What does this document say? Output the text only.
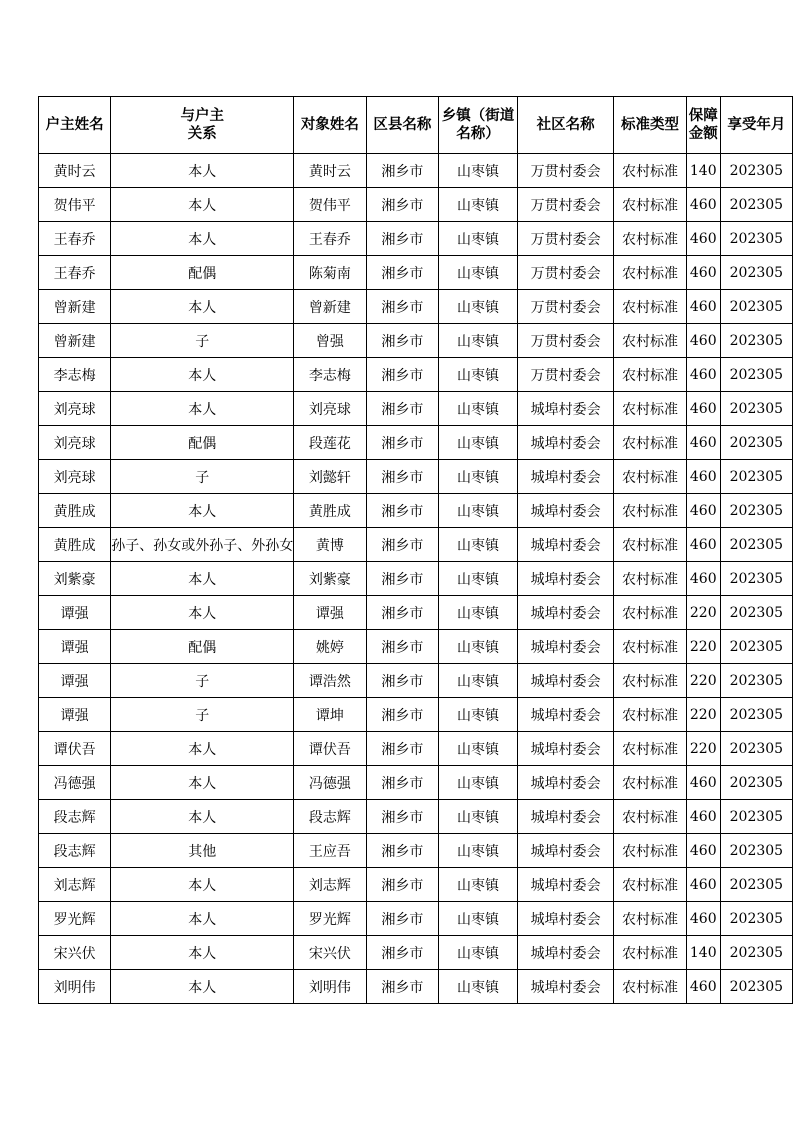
户主姓名	与户主关系	对象姓名	区县名称	乡镇（街道名称）	社区名称	标准类型	保障金额	享受年月
黄时云	本人	黄时云	湘乡市	山枣镇	万贯村委会	农村标准	140	202305
贺伟平	本人	贺伟平	湘乡市	山枣镇	万贯村委会	农村标准	460	202305
王春乔	本人	王春乔	湘乡市	山枣镇	万贯村委会	农村标准	460	202305
王春乔	配偶	陈菊南	湘乡市	山枣镇	万贯村委会	农村标准	460	202305
曾新建	本人	曾新建	湘乡市	山枣镇	万贯村委会	农村标准	460	202305
曾新建	子	曾强	湘乡市	山枣镇	万贯村委会	农村标准	460	202305
李志梅	本人	李志梅	湘乡市	山枣镇	万贯村委会	农村标准	460	202305
刘亮球	本人	刘亮球	湘乡市	山枣镇	城埠村委会	农村标准	460	202305
刘亮球	配偶	段莲花	湘乡市	山枣镇	城埠村委会	农村标准	460	202305
刘亮球	子	刘懿轩	湘乡市	山枣镇	城埠村委会	农村标准	460	202305
黄胜成	本人	黄胜成	湘乡市	山枣镇	城埠村委会	农村标准	460	202305
黄胜成	孙子、孙女或外孙子、外孙女	黄博	湘乡市	山枣镇	城埠村委会	农村标准	460	202305
刘紫豪	本人	刘紫豪	湘乡市	山枣镇	城埠村委会	农村标准	460	202305
谭强	本人	谭强	湘乡市	山枣镇	城埠村委会	农村标准	220	202305
谭强	配偶	姚婷	湘乡市	山枣镇	城埠村委会	农村标准	220	202305
谭强	子	谭浩然	湘乡市	山枣镇	城埠村委会	农村标准	220	202305
谭强	子	谭坤	湘乡市	山枣镇	城埠村委会	农村标准	220	202305
谭伏吾	本人	谭伏吾	湘乡市	山枣镇	城埠村委会	农村标准	220	202305
冯德强	本人	冯德强	湘乡市	山枣镇	城埠村委会	农村标准	460	202305
段志辉	本人	段志辉	湘乡市	山枣镇	城埠村委会	农村标准	460	202305
段志辉	其他	王应吾	湘乡市	山枣镇	城埠村委会	农村标准	460	202305
刘志辉	本人	刘志辉	湘乡市	山枣镇	城埠村委会	农村标准	460	202305
罗光辉	本人	罗光辉	湘乡市	山枣镇	城埠村委会	农村标准	460	202305
宋兴伏	本人	宋兴伏	湘乡市	山枣镇	城埠村委会	农村标准	140	202305
刘明伟	本人	刘明伟	湘乡市	山枣镇	城埠村委会	农村标准	460	202305
